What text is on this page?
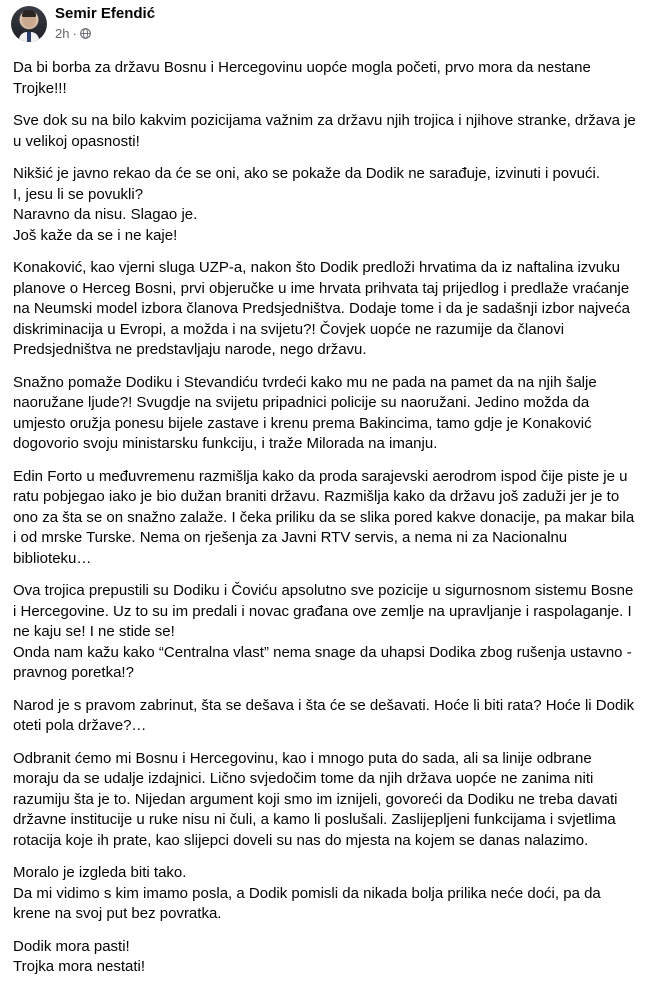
Semir Efendić
2h ·

Da bi borba za državu Bosnu i Hercegovinu uopće mogla početi, prvo mora da nestane Trojke!!!

Sve dok su na bilo kakvim pozicijama važnim za državu njih trojica i njihove stranke, država je u velikoj opasnosti!

Nikšić je javno rekao da će se oni, ako se pokaže da Dodik ne sarađuje, izvinuti i povući.
I, jesu li se povukli?
Naravno da nisu. Slagao je.
Još kaže da se i ne kaje!

Konaković, kao vjerni sluga UZP-a, nakon što Dodik predloži hrvatima da iz naftalina izvuku planove o Herceg Bosni, prvi objeručke u ime hrvata prihvata taj prijedlog i predlaže vraćanje na Neumski model izbora članova Predsjedništva. Dodaje tome i da je sadašnji izbor najveća diskriminacija u Evropi, a možda i na svijetu?! Čovjek uopće ne razumije da članovi Predsjedništva ne predstavljaju narode, nego državu.

Snažno pomaže Dodiku i Stevandiću tvrdeći kako mu ne pada na pamet da na njih šalje naoružane ljude?! Svugdje na svijetu pripadnici policije su naoružani. Jedino možda da umjesto oružja ponesu bijele zastave i krenu prema Bakincima, tamo gdje je Konaković dogovorio svoju ministarsku funkciju, i traže Milorada na imanju.

Edin Forto u međuvremenu razmišlja kako da proda sarajevski aerodrom ispod čije piste je u ratu pobjegao iako je bio dužan braniti državu. Razmišlja kako da državu još zaduži jer je to ono za šta se on snažno zalaže. I čeka priliku da se slika pored kakve donacije, pa makar bila i od mrske Turske. Nema on rješenja za Javni RTV servis, a nema ni za Nacionalnu biblioteku…

Ova trojica prepustili su Dodiku i Čoviću apsolutno sve pozicije u sigurnosnom sistemu Bosne i Hercegovine. Uz to su im predali i novac građana ove zemlje na upravljanje i raspolaganje. I ne kaju se! I ne stide se!
Onda nam kažu kako “Centralna vlast” nema snage da uhapsi Dodika zbog rušenja ustavno - pravnog poretka!?

Narod je s pravom zabrinut, šta se dešava i šta će se dešavati. Hoće li biti rata? Hoće li Dodik oteti pola države?…

Odbranit ćemo mi Bosnu i Hercegovinu, kao i mnogo puta do sada, ali sa linije odbrane moraju da se udalje izdajnici. Lično svjedočim tome da njih država uopće ne zanima niti razumiju šta je to. Nijedan argument koji smo im iznijeli, govoreći da Dodiku ne treba davati državne institucije u ruke nisu ni čuli, a kamo li poslušali. Zaslijepljeni funkcijama i svjetlima rotacija koje ih prate, kao slijepci doveli su nas do mjesta na kojem se danas nalazimo.

Moralo je izgleda biti tako.
Da mi vidimo s kim imamo posla, a Dodik pomisli da nikada bolja prilika neće doći, pa da krene na svoj put bez povratka.

Dodik mora pasti!
Trojka mora nestati!
